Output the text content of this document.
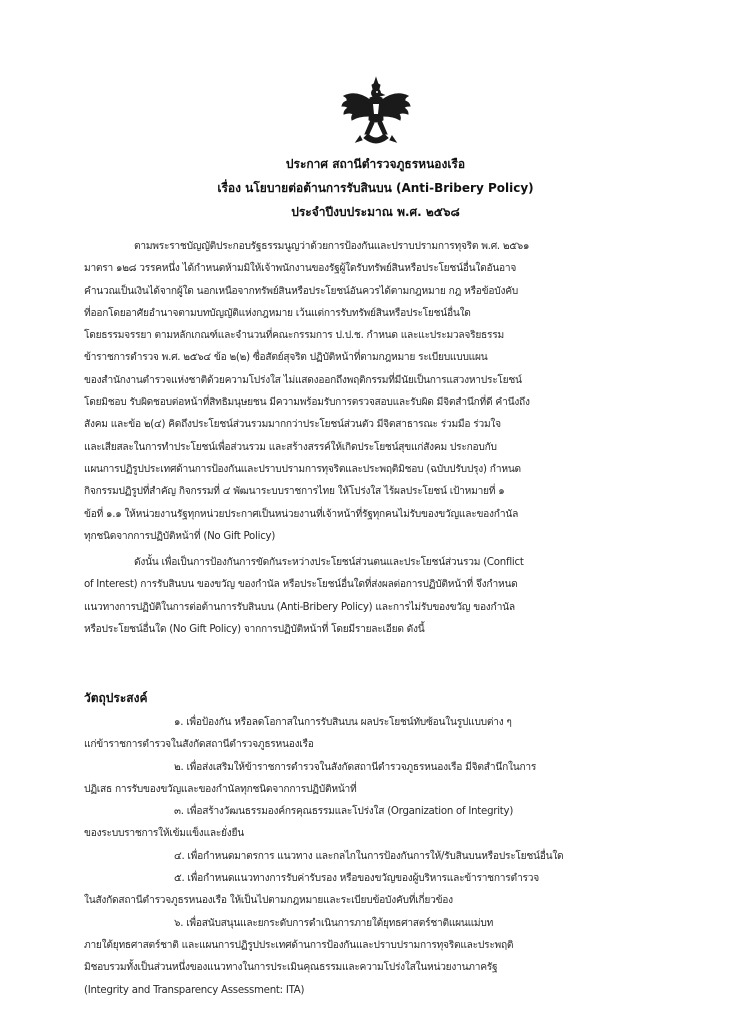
ประกาศ สถานีตำรวจภูธรหนองเรือ
เรื่อง นโยบายต่อต้านการรับสินบน (Anti-Bribery Policy)
ประจำปีงบประมาณ พ.ศ. ๒๕๖๘
ตามพระราชบัญญัติประกอบรัฐธรรมนูญว่าด้วยการป้องกันและปราบปรามการทุจริต พ.ศ. ๒๕๖๑
มาตรา ๑๒๘ วรรคหนึ่ง ได้กำหนดห้ามมิให้เจ้าพนักงานของรัฐผู้ใดรับทรัพย์สินหรือประโยชน์อื่นใดอันอาจ
คำนวณเป็นเงินได้จากผู้ใด นอกเหนือจากทรัพย์สินหรือประโยชน์อันควรได้ตามกฎหมาย กฎ หรือข้อบังคับ
ที่ออกโดยอาศัยอำนาจตามบทบัญญัติแห่งกฎหมาย เว้นแต่การรับทรัพย์สินหรือประโยชน์อื่นใด
โดยธรรมจรรยา ตามหลักเกณฑ์และจำนวนที่คณะกรรมการ ป.ป.ช. กำหนด และแะประมวลจริยธรรม
ข้าราชการตำรวจ พ.ศ. ๒๕๖๔ ข้อ ๒(๒) ซื่อสัตย์สุจริต ปฏิบัติหน้าที่ตามกฎหมาย ระเบียบแบบแผน
ของสำนักงานตำรวจแห่งชาติด้วยความโปร่งใส ไม่แสดงออกถึงพฤติกรรมที่มีนัยเป็นการแสวงหาประโยชน์
โดยมิชอบ รับผิดชอบต่อหน้าที่สิทธิมนุษยชน มีความพร้อมรับการตรวจสอบและรับผิด มีจิตสำนึกที่ดี คำนึงถึง
สังคม และข้อ ๒(๔) คิดถึงประโยชน์ส่วนรวมมากกว่าประโยชน์ส่วนตัว มีจิตสาธารณะ ร่วมมือ ร่วมใจ
และเสียสละในการทำประโยชน์เพื่อส่วนรวม และสร้างสรรค์ให้เกิดประโยชน์สุขแก่สังคม ประกอบกับ
แผนการปฏิรูปประเทศด้านการป้องกันและปราบปรามการทุจริตและประพฤติมิชอบ (ฉบับปรับปรุง) กำหนด
กิจกรรมปฏิรูปที่สำคัญ กิจกรรมที่ ๔ พัฒนาระบบราชการไทย ให้โปร่งใส ไร้ผลประโยชน์ เป้าหมายที่ ๑
ข้อที่ ๑.๑ ให้หน่วยงานรัฐทุกหน่วยประกาศเป็นหน่วยงานที่เจ้าหน้าที่รัฐทุกคนไม่รับของขวัญและของกำนัล
ทุกชนิดจากการปฏิบัติหน้าที่ (No Gift Policy)
ดังนั้น เพื่อเป็นการป้องกันการขัดกันระหว่างประโยชน์ส่วนตนและประโยชน์ส่วนรวม (Conflict
of Interest) การรับสินบน ของขวัญ ของกำนัล หรือประโยชน์อื่นใดที่ส่งผลต่อการปฏิบัติหน้าที่ จึงกำหนด
แนวทางการปฏิบัติในการต่อต้านการรับสินบน (Anti-Bribery Policy) และการไม่รับของขวัญ ของกำนัล
หรือประโยชน์อื่นใด (No Gift Policy) จากการปฏิบัติหน้าที่ โดยมีรายละเอียด ดังนี้
วัตถุประสงค์
๑. เพื่อป้องกัน หรือลดโอกาสในการรับสินบน ผลประโยชน์ทับซ้อนในรูปแบบต่าง ๆ
แก่ข้าราชการตำรวจในสังกัดสถานีตำรวจภูธรหนองเรือ
๒. เพื่อส่งเสริมให้ข้าราชการตำรวจในสังกัดสถานีตำรวจภูธรหนองเรือ มีจิตสำนึกในการ
ปฏิเสธ การรับของขวัญและของกำนัลทุกชนิดจากการปฏิบัติหน้าที่
๓. เพื่อสร้างวัฒนธรรมองค์กรคุณธรรมและโปร่งใส (Organization of Integrity)
ของระบบราชการให้เข้มแข็งและยั่งยืน
๔. เพื่อกำหนดมาตรการ แนวทาง และกลไกในการป้องกันการให้/รับสินบนหรือประโยชน์อื่นใด
๕. เพื่อกำหนดแนวทางการรับค่ารับรอง หรือของขวัญของผู้บริหารและข้าราชการตำรวจ
ในสังกัดสถานีตำรวจภูธรหนองเรือ ให้เป็นไปตามกฎหมายและระเบียบข้อบังคับที่เกี่ยวข้อง
๖. เพื่อสนับสนุนและยกระดับการดำเนินการภายใต้ยุทธศาสตร์ชาติแผนแม่บท
ภายใต้ยุทธศาสตร์ชาติ และแผนการปฏิรูปประเทศด้านการป้องกันและปราบปรามการทุจริตและประพฤติ
มิชอบรวมทั้งเป็นส่วนหนึ่งของแนวทางในการประเมินคุณธรรมและความโปร่งใสในหน่วยงานภาครัฐ
(Integrity and Transparency Assessment: ITA)
